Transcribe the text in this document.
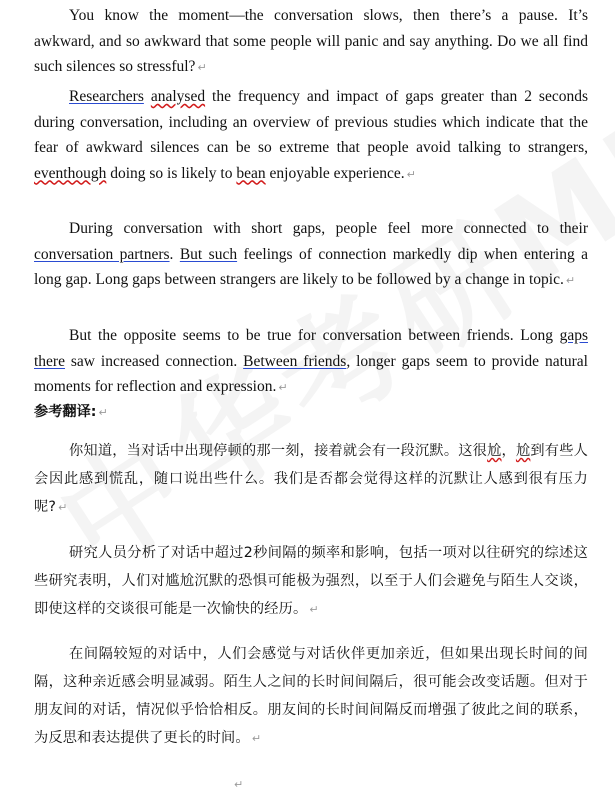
You know the moment—the conversation slows, then there’s a pause. It’s awkward, and so awkward that some people will panic and say anything. Do we all find such silences so stressful? ↵

Researchers analysed the frequency and impact of gaps greater than 2 seconds during conversation, including an overview of previous studies which indicate that the fear of awkward silences can be so extreme that people avoid talking to strangers, eventhough doing so is likely to bean enjoyable experience. ↵

During conversation with short gaps, people feel more connected to their conversation partners. But such feelings of connection markedly dip when entering a long gap. Long gaps between strangers are likely to be followed by a change in topic. ↵

But the opposite seems to be true for conversation between friends. Long gaps there saw increased connection. Between friends, longer gaps seem to provide natural moments for reflection and expression. ↵

参考翻译: ↵

你知道，当对话中出现停顿的那一刻，接着就会有一段沉默。这很尬，尬到有些人会因此感到慌乱，随口说出些什么。我们是否都会觉得这样的沉默让人感到很有压力呢? ↵

研究人员分析了对话中超过2秒间隔的频率和影响，包括一项对以往研究的综述这些研究表明，人们对尴尬沉默的恐惧可能极为强烈，以至于人们会避免与陌生人交谈，即使这样的交谈很可能是一次愉快的经历。 ↵

在间隔较短的对话中，人们会感觉与对话伙伴更加亲近，但如果出现长时间的间隔，这种亲近感会明显减弱。陌生人之间的长时间间隔后，很可能会改变话题。但对于朋友间的对话，情况似乎恰恰相反。朋友间的长时间间隔反而增强了彼此之间的联系，为反思和表达提供了更长的时间。 ↵

↵
